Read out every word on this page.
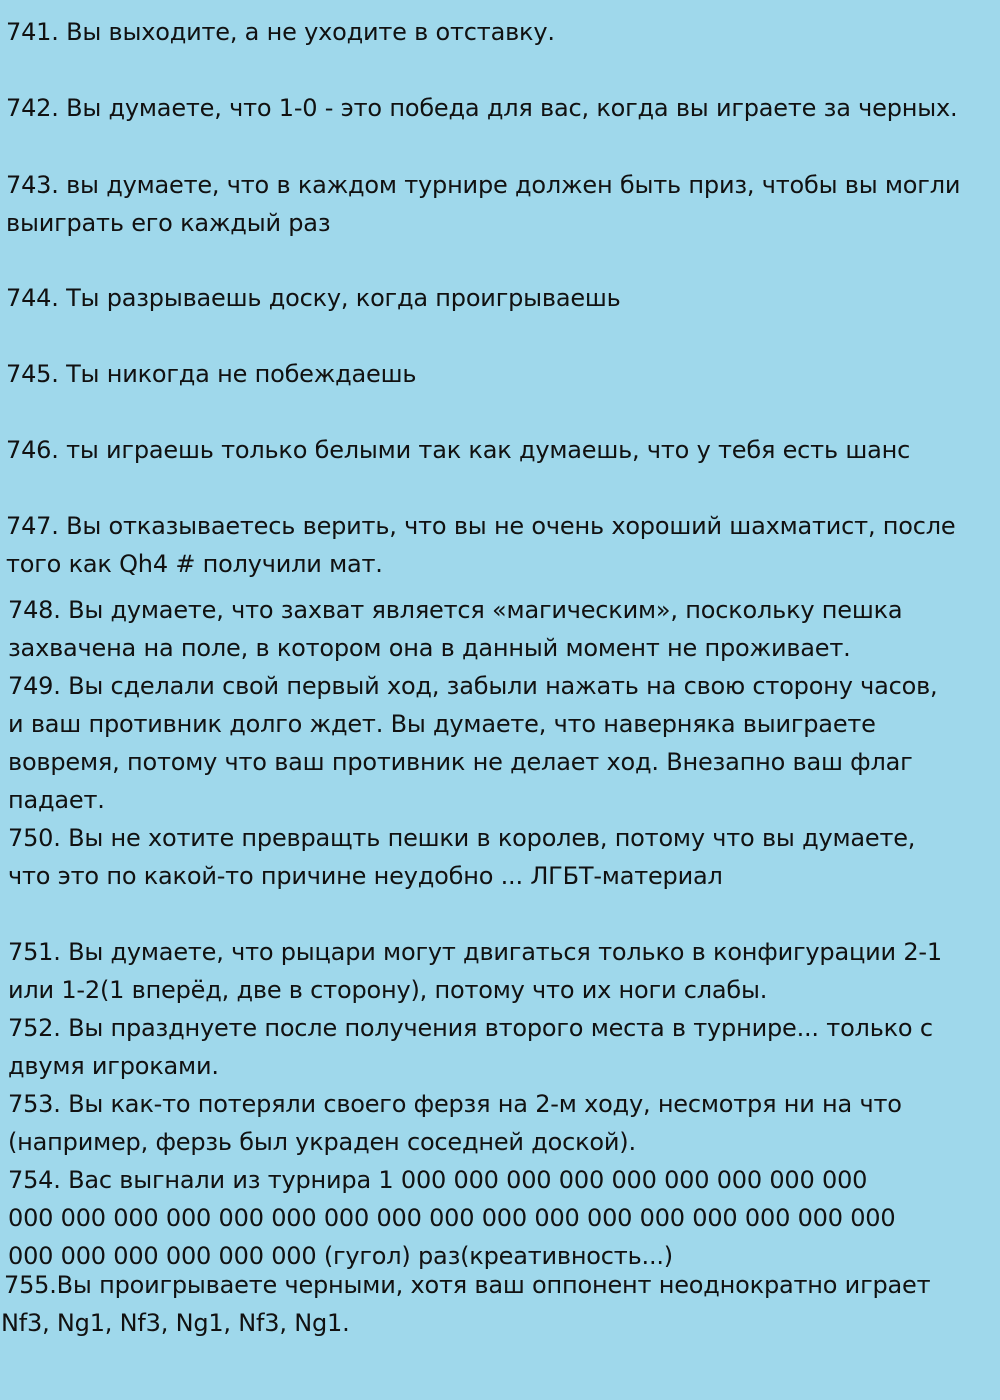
741. Вы выходите, а не уходите в отставку.
742. Вы думаете, что 1-0 - это победа для вас, когда вы играете за черных.
743. вы думаете, что в каждом турнире должен быть приз, чтобы вы могли
выиграть его каждый раз
744. Ты разрываешь доску, когда проигрываешь
745. Ты никогда не побеждаешь
746. ты играешь только белыми так как думаешь, что у тебя есть шанс
747. Вы отказываетесь верить, что вы не очень хороший шахматист, после
того как Qh4 # получили мат.
748. Вы думаете, что захват является «магическим», поскольку пешка
захвачена на поле, в котором она в данный момент не проживает.
749. Вы сделали свой первый ход, забыли нажать на свою сторону часов,
и ваш противник долго ждет. Вы думаете, что наверняка выиграете
вовремя, потому что ваш противник не делает ход. Внезапно ваш флаг
падает.
750. Вы не хотите превращть пешки в королев, потому что вы думаете,
что это по какой-то причине неудобно ... ЛГБТ-материал
751. Вы думаете, что рыцари могут двигаться только в конфигурации 2-1
или 1-2(1 вперёд, две в сторону), потому что их ноги слабы.
752. Вы празднуете после получения второго места в турнире... только с
двумя игроками.
753. Вы как-то потеряли своего ферзя на 2-м ходу, несмотря ни на что
(например, ферзь был украден соседней доской).
754. Вас выгнали из турнира 1 000 000 000 000 000 000 000 000 000
000 000 000 000 000 000 000 000 000 000 000 000 000 000 000 000 000
000 000 000 000 000 000 (гугол) раз(креативность...)
755.Вы проигрываете черными, хотя ваш оппонент неоднократно играет
Nf3, Ng1, Nf3, Ng1, Nf3, Ng1.
